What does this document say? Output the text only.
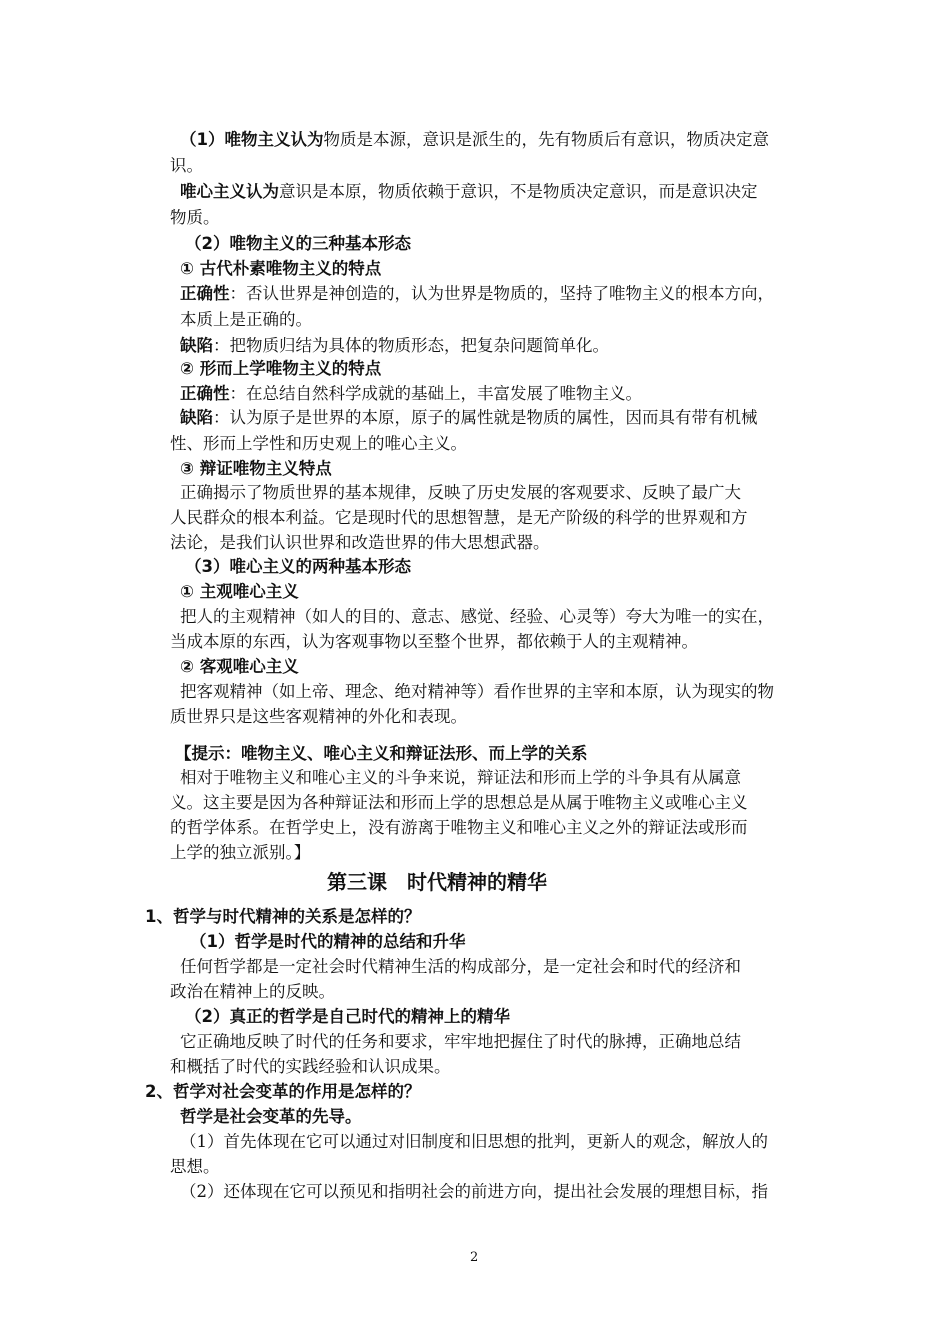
（1）唯物主义认为物质是本源，意识是派生的，先有物质后有意识，物质决定意
识。
唯心主义认为意识是本原，物质依赖于意识，不是物质决定意识，而是意识决定
物质。
（2）唯物主义的三种基本形态
① 古代朴素唯物主义的特点
正确性：否认世界是神创造的，认为世界是物质的，坚持了唯物主义的根本方向，
本质上是正确的。
缺陷：把物质归结为具体的物质形态，把复杂问题简单化。
② 形而上学唯物主义的特点
正确性：在总结自然科学成就的基础上，丰富发展了唯物主义。
缺陷：认为原子是世界的本原，原子的属性就是物质的属性，因而具有带有机械
性、形而上学性和历史观上的唯心主义。
③ 辩证唯物主义特点
正确揭示了物质世界的基本规律，反映了历史发展的客观要求、反映了最广大
人民群众的根本利益。它是现时代的思想智慧，是无产阶级的科学的世界观和方
法论，是我们认识世界和改造世界的伟大思想武器。
（3）唯心主义的两种基本形态
① 主观唯心主义
把人的主观精神（如人的目的、意志、感觉、经验、心灵等）夸大为唯一的实在，
当成本原的东西，认为客观事物以至整个世界，都依赖于人的主观精神。
② 客观唯心主义
把客观精神（如上帝、理念、绝对精神等）看作世界的主宰和本原，认为现实的物
质世界只是这些客观精神的外化和表现。
【提示：唯物主义、唯心主义和辩证法形、而上学的关系
相对于唯物主义和唯心主义的斗争来说，辩证法和形而上学的斗争具有从属意
义。这主要是因为各种辩证法和形而上学的思想总是从属于唯物主义或唯心主义
的哲学体系。在哲学史上，没有游离于唯物主义和唯心主义之外的辩证法或形而
上学的独立派别。】
第三课　时代精神的精华
1、哲学与时代精神的关系是怎样的？
（1）哲学是时代的精神的总结和升华
任何哲学都是一定社会时代精神生活的构成部分，是一定社会和时代的经济和
政治在精神上的反映。
（2）真正的哲学是自己时代的精神上的精华
它正确地反映了时代的任务和要求，牢牢地把握住了时代的脉搏，正确地总结
和概括了时代的实践经验和认识成果。
2、哲学对社会变革的作用是怎样的？
哲学是社会变革的先导。
（1）首先体现在它可以通过对旧制度和旧思想的批判，更新人的观念，解放人的
思想。
（2）还体现在它可以预见和指明社会的前进方向，提出社会发展的理想目标，指
2
